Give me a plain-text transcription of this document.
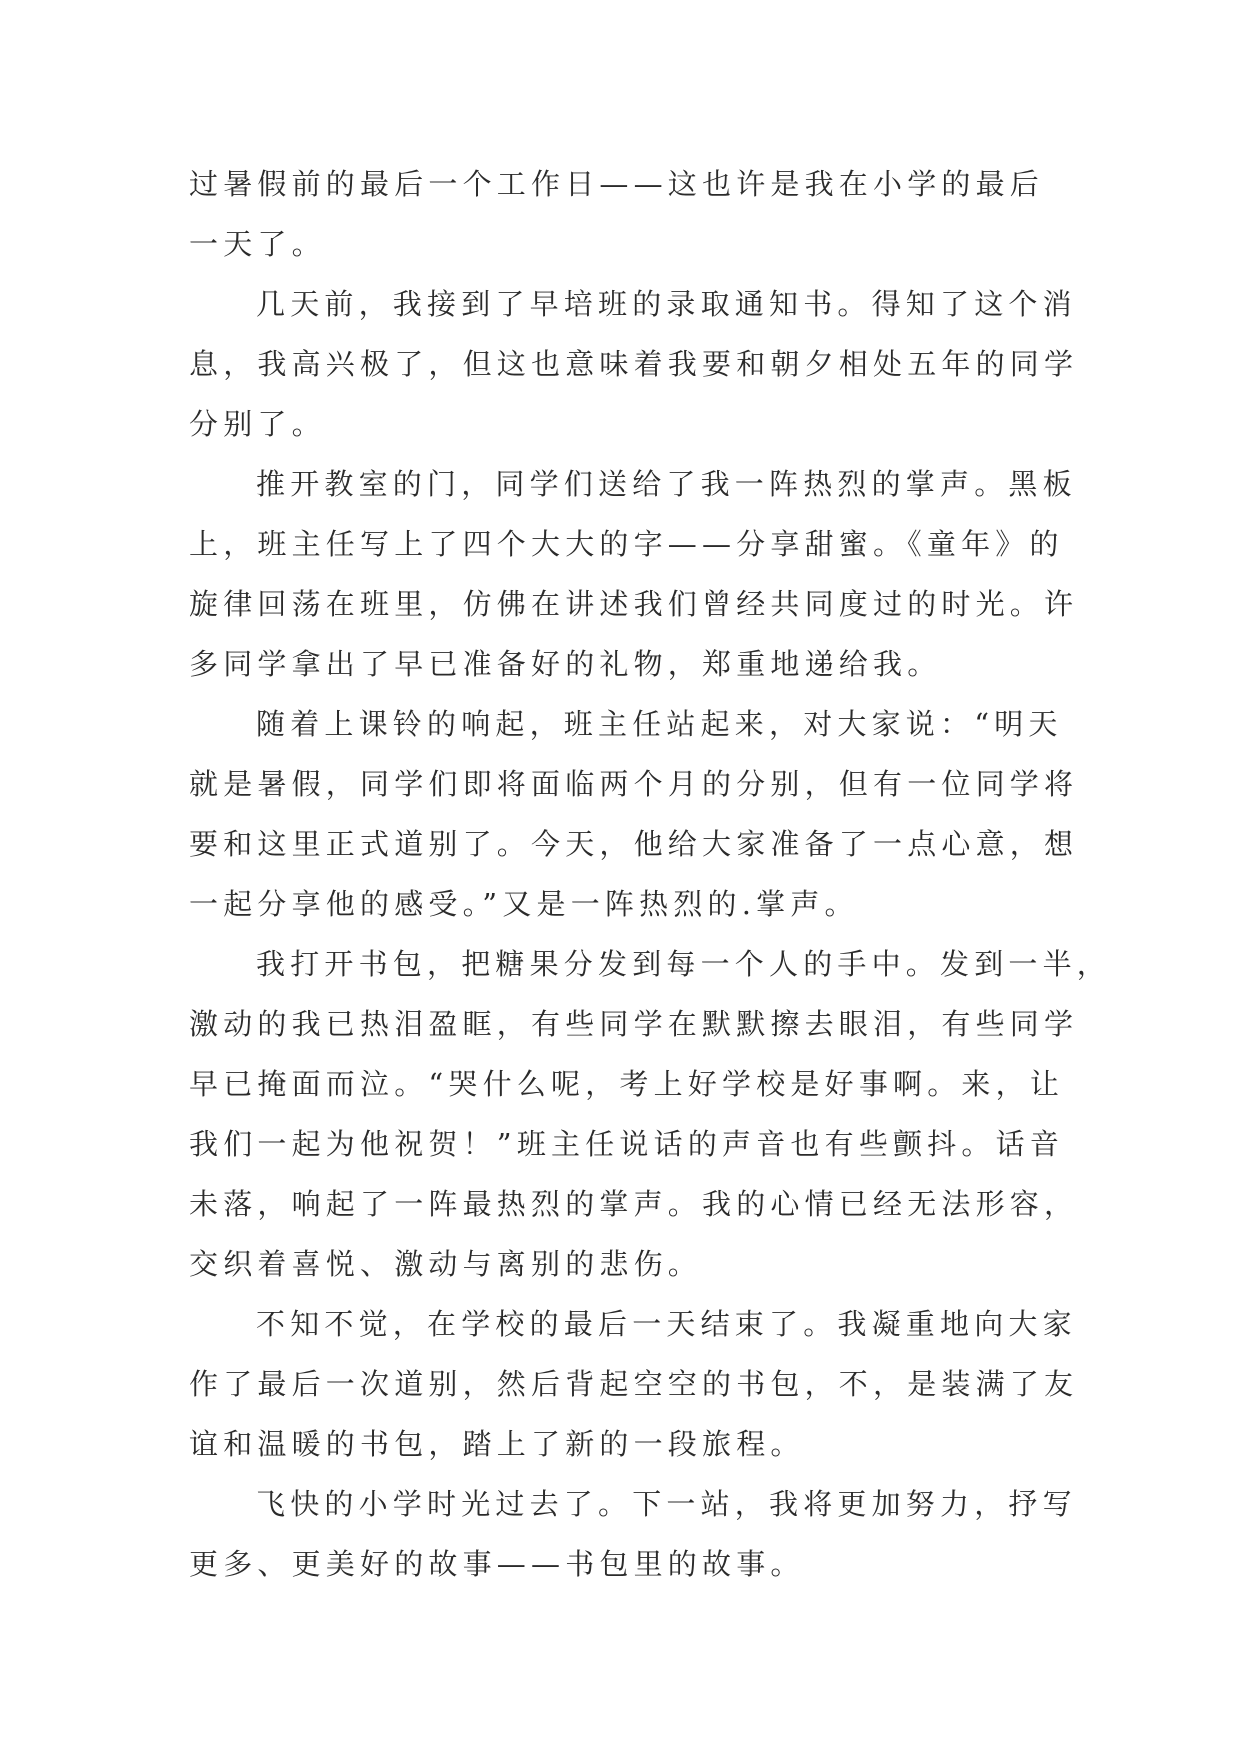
过暑假前的最后一个工作日——这也许是我在小学的最后
一天了。
几天前，我接到了早培班的录取通知书。得知了这个消
息，我高兴极了，但这也意味着我要和朝夕相处五年的同学
分别了。
推开教室的门，同学们送给了我一阵热烈的掌声。黑板
上，班主任写上了四个大大的字——分享甜蜜。《童年》的
旋律回荡在班里，仿佛在讲述我们曾经共同度过的时光。许
多同学拿出了早已准备好的礼物，郑重地递给我。
随着上课铃的响起，班主任站起来，对大家说：“明天
就是暑假，同学们即将面临两个月的分别，但有一位同学将
要和这里正式道别了。今天，他给大家准备了一点心意，想
一起分享他的感受。”又是一阵热烈的.掌声。
我打开书包，把糖果分发到每一个人的手中。发到一半，
激动的我已热泪盈眶，有些同学在默默擦去眼泪，有些同学
早已掩面而泣。“哭什么呢，考上好学校是好事啊。来，让
我们一起为他祝贺！”班主任说话的声音也有些颤抖。话音
未落，响起了一阵最热烈的掌声。我的心情已经无法形容，
交织着喜悦、激动与离别的悲伤。
不知不觉，在学校的最后一天结束了。我凝重地向大家
作了最后一次道别，然后背起空空的书包，不，是装满了友
谊和温暖的书包，踏上了新的一段旅程。
飞快的小学时光过去了。下一站，我将更加努力，抒写
更多、更美好的故事——书包里的故事。
